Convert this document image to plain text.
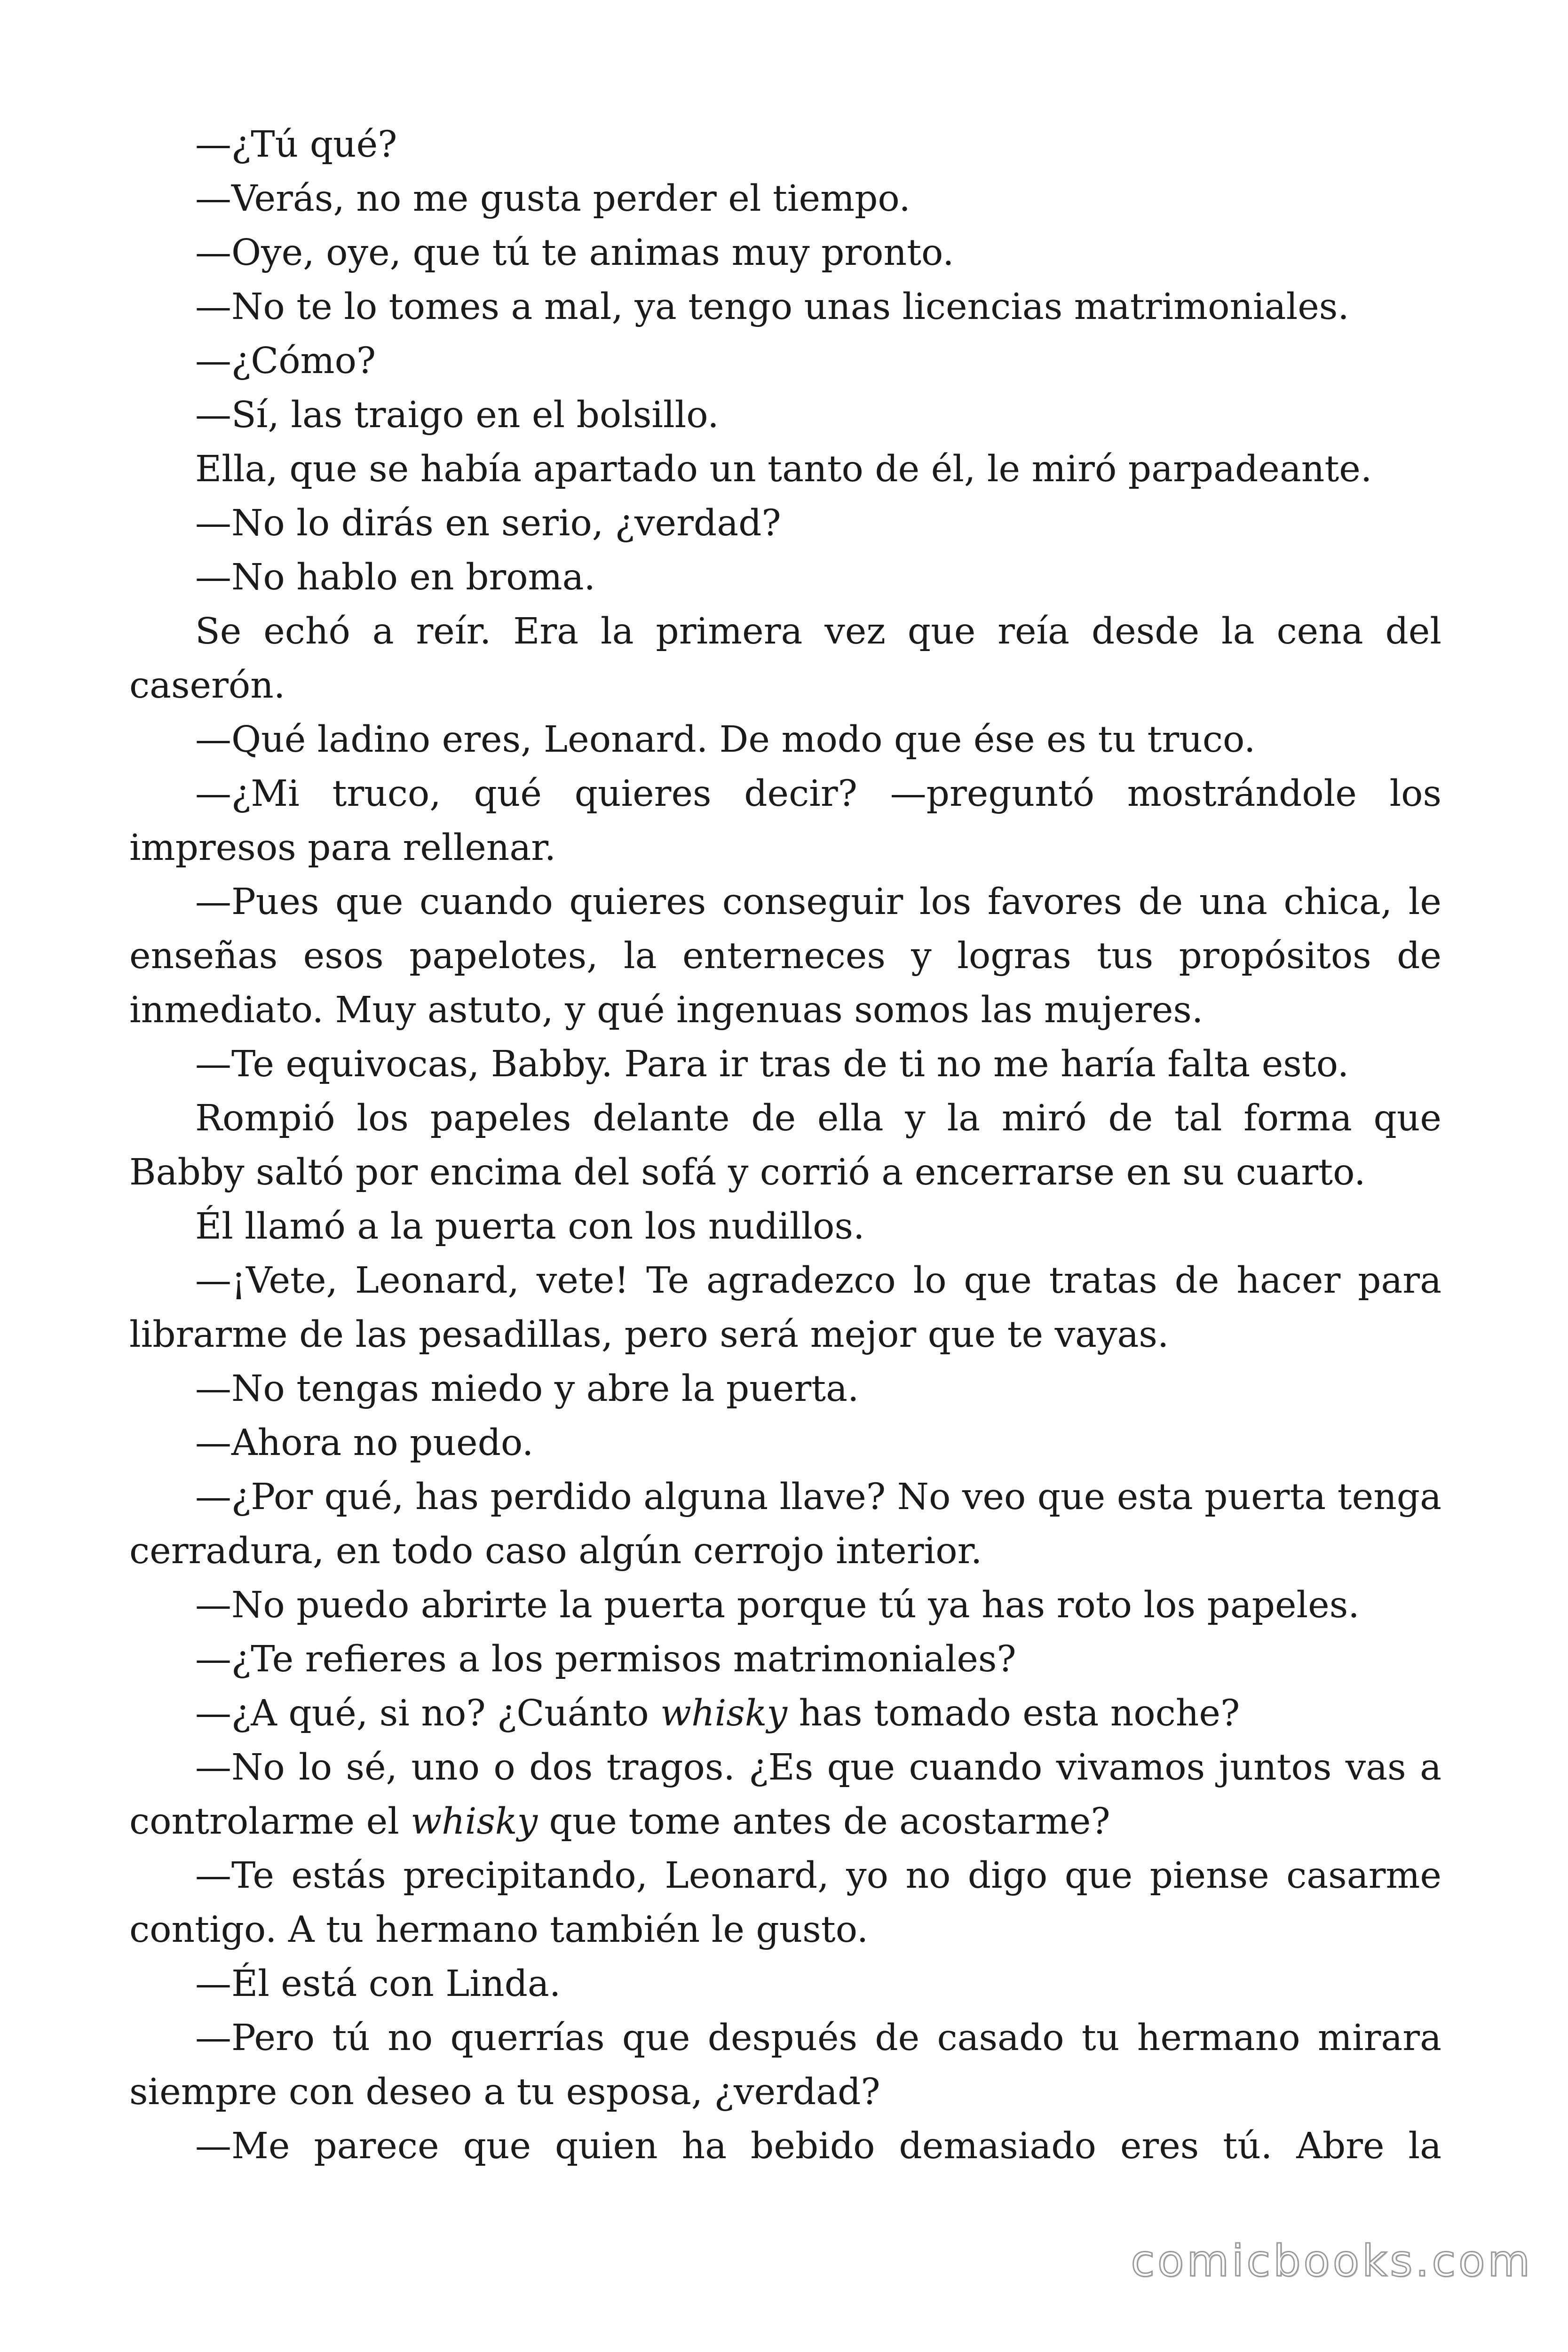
—¿Tú qué?

—Verás, no me gusta perder el tiempo.

—Oye, oye, que tú te animas muy pronto.

—No te lo tomes a mal, ya tengo unas licencias matrimoniales.

—¿Cómo?

—Sí, las traigo en el bolsillo.

Ella, que se había apartado un tanto de él, le miró parpadeante.

—No lo dirás en serio, ¿verdad?

—No hablo en broma.

Se echó a reír. Era la primera vez que reía desde la cena del caserón.

—Qué ladino eres, Leonard. De modo que ése es tu truco.

—¿Mi truco, qué quieres decir? —preguntó mostrándole los impresos para rellenar.

—Pues que cuando quieres conseguir los favores de una chica, le enseñas esos papelotes, la enterneces y logras tus propósitos de inmediato. Muy astuto, y qué ingenuas somos las mujeres.

—Te equivocas, Babby. Para ir tras de ti no me haría falta esto.

Rompió los papeles delante de ella y la miró de tal forma que Babby saltó por encima del sofá y corrió a encerrarse en su cuarto.

Él llamó a la puerta con los nudillos.

—¡Vete, Leonard, vete! Te agradezco lo que tratas de hacer para librarme de las pesadillas, pero será mejor que te vayas.

—No tengas miedo y abre la puerta.

—Ahora no puedo.

—¿Por qué, has perdido alguna llave? No veo que esta puerta tenga cerradura, en todo caso algún cerrojo interior.

—No puedo abrirte la puerta porque tú ya has roto los papeles.

—¿Te refieres a los permisos matrimoniales?

—¿A qué, si no? ¿Cuánto whisky has tomado esta noche?

—No lo sé, uno o dos tragos. ¿Es que cuando vivamos juntos vas a controlarme el whisky que tome antes de acostarme?

—Te estás precipitando, Leonard, yo no digo que piense casarme contigo. A tu hermano también le gusto.

—Él está con Linda.

—Pero tú no querrías que después de casado tu hermano mirara siempre con deseo a tu esposa, ¿verdad?

—Me parece que quien ha bebido demasiado eres tú. Abre la

comicbooks.com
